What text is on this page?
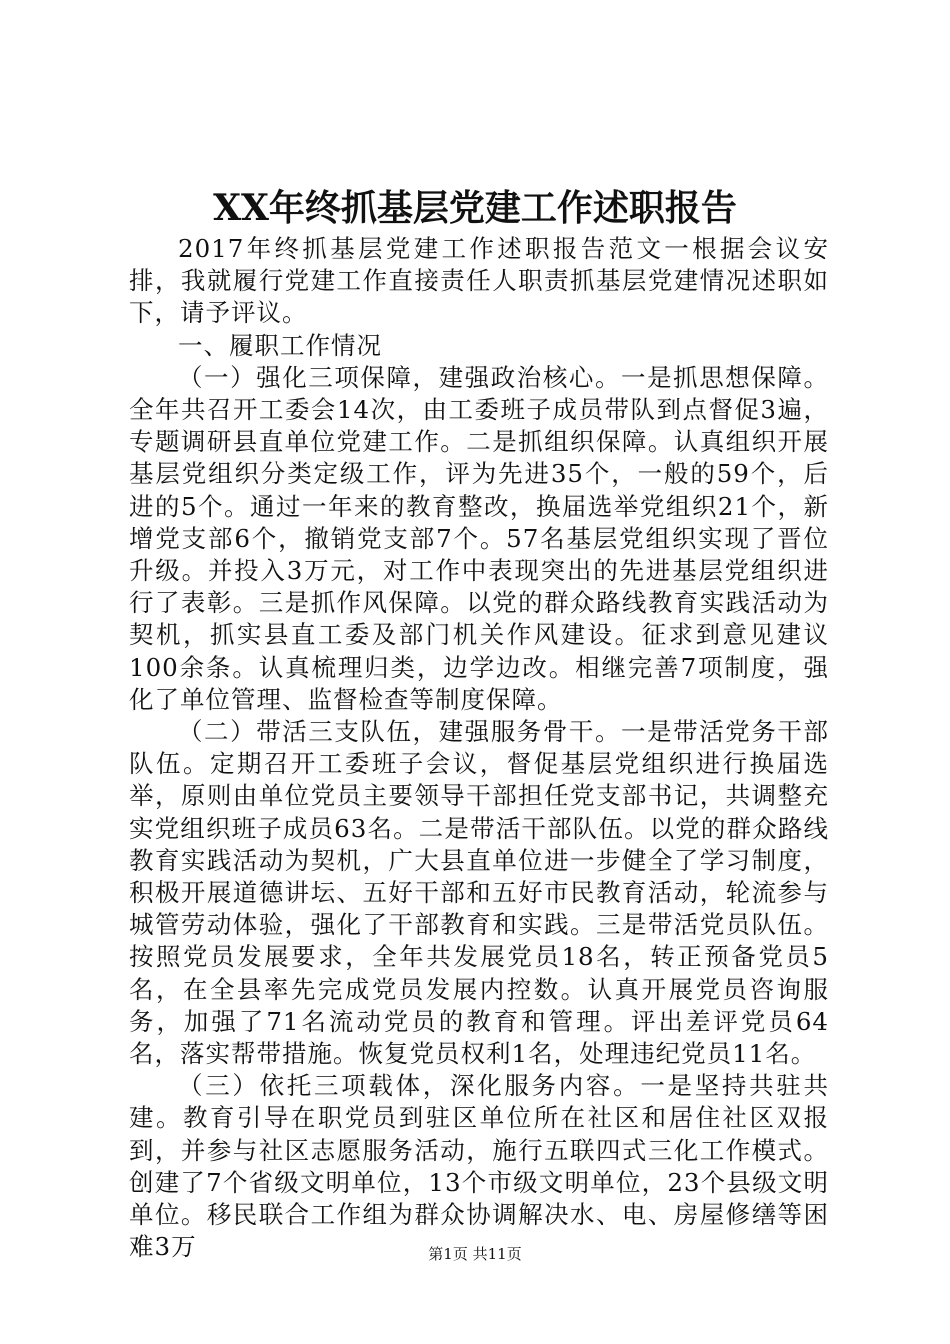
XX年终抓基层党建工作述职报告

2017年终抓基层党建工作述职报告范文一根据会议安排，我就履行党建工作直接责任人职责抓基层党建情况述职如下，请予评议。

一、履职工作情况

（一）强化三项保障，建强政治核心。一是抓思想保障。全年共召开工委会14次，由工委班子成员带队到点督促3遍，专题调研县直单位党建工作。二是抓组织保障。认真组织开展基层党组织分类定级工作，评为先进35个，一般的59个，后进的5个。通过一年来的教育整改，换届选举党组织21个，新增党支部6个，撤销党支部7个。57名基层党组织实现了晋位升级。并投入3万元，对工作中表现突出的先进基层党组织进行了表彰。三是抓作风保障。以党的群众路线教育实践活动为契机，抓实县直工委及部门机关作风建设。征求到意见建议100余条。认真梳理归类，边学边改。相继完善7项制度，强化了单位管理、监督检查等制度保障。

（二）带活三支队伍，建强服务骨干。一是带活党务干部队伍。定期召开工委班子会议，督促基层党组织进行换届选举，原则由单位党员主要领导干部担任党支部书记，共调整充实党组织班子成员63名。二是带活干部队伍。以党的群众路线教育实践活动为契机，广大县直单位进一步健全了学习制度，积极开展道德讲坛、五好干部和五好市民教育活动，轮流参与城管劳动体验，强化了干部教育和实践。三是带活党员队伍。按照党员发展要求，全年共发展党员18名，转正预备党员5名，在全县率先完成党员发展内控数。认真开展党员咨询服务，加强了71名流动党员的教育和管理。评出差评党员64名，落实帮带措施。恢复党员权利1名，处理违纪党员11名。

（三）依托三项载体，深化服务内容。一是坚持共驻共建。教育引导在职党员到驻区单位所在社区和居住社区双报到，并参与社区志愿服务活动，施行五联四式三化工作模式。创建了7个省级文明单位，13个市级文明单位，23个县级文明单位。移民联合工作组为群众协调解决水、电、房屋修缮等困难3万	第1页 共11页
